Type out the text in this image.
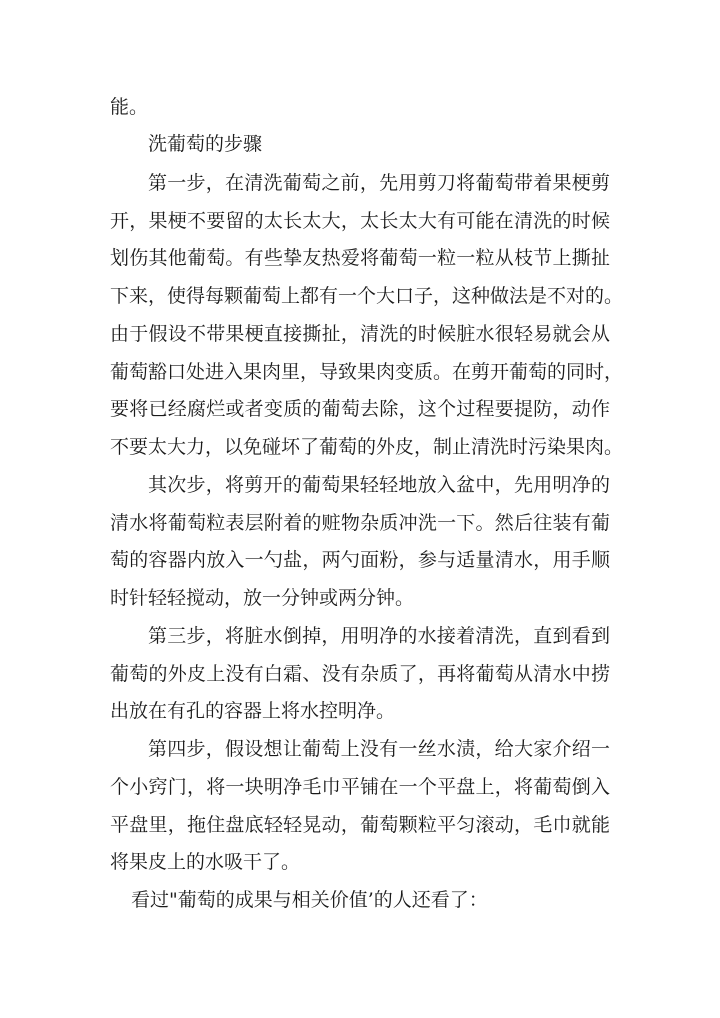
能。
洗葡萄的步骤
第一步，在清洗葡萄之前，先用剪刀将葡萄带着果梗剪
开，果梗不要留的太长太大，太长太大有可能在清洗的时候
划伤其他葡萄。有些挚友热爱将葡萄一粒一粒从枝节上撕扯
下来，使得每颗葡萄上都有一个大口子，这种做法是不对的。
由于假设不带果梗直接撕扯，清洗的时候脏水很轻易就会从
葡萄豁口处进入果肉里，导致果肉变质。在剪开葡萄的同时，
要将已经腐烂或者变质的葡萄去除，这个过程要提防，动作
不要太大力，以免碰坏了葡萄的外皮，制止清洗时污染果肉。
其次步，将剪开的葡萄果轻轻地放入盆中，先用明净的
清水将葡萄粒表层附着的赃物杂质冲洗一下。然后往装有葡
萄的容器内放入一勺盐，两勺面粉，参与适量清水，用手顺
时针轻轻搅动，放一分钟或两分钟。
第三步，将脏水倒掉，用明净的水接着清洗，直到看到
葡萄的外皮上没有白霜、没有杂质了，再将葡萄从清水中捞
出放在有孔的容器上将水控明净。
第四步，假设想让葡萄上没有一丝水渍，给大家介绍一
个小窍门，将一块明净毛巾平铺在一个平盘上，将葡萄倒入
平盘里，拖住盘底轻轻晃动，葡萄颗粒平匀滚动，毛巾就能
将果皮上的水吸干了。
看过"葡萄的成果与相关价值’的人还看了：
